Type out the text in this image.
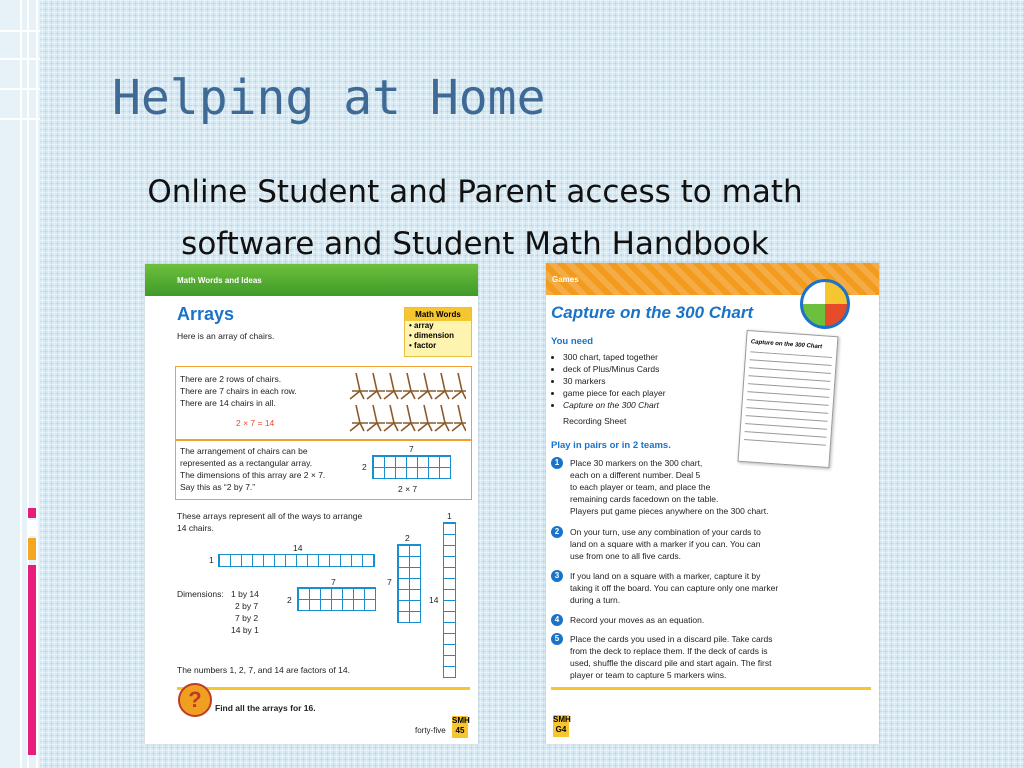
Helping at Home
Online Student and Parent access to math
software and Student Math Handbook
Math Words and Ideas
Arrays
Here is an array of chairs.
Math Words
• array
• dimension
• factor
There are 2 rows of chairs.
There are 7 chairs in each row.
There are 14 chairs in all.
2 × 7 = 14
The arrangement of chairs can be
represented as a rectangular array.
The dimensions of this array are 2 × 7.
Say this as “2 by 7.”
7
2
2 × 7
These arrays represent all of the ways to arrange
14 chairs.
14
1
7
2
2
7
1
14
Dimensions: 1 by 14
2 by 7
7 by 2
14 by 1
The numbers 1, 2, 7, and 14 are factors of 14.
?	Find all the arrays for 16.
forty-five
SMH
45
Games
Capture on the 300 Chart
You need
• 300 chart, taped together
• deck of Plus/Minus Cards
• 30 markers
• game piece for each player
• Capture on the 300 Chart
Recording Sheet
Capture on the 300 Chart
Play in pairs or in 2 teams.
1	Place 30 markers on the 300 chart,
each on a different number. Deal 5
to each player or team, and place the
remaining cards facedown on the table.
Players put game pieces anywhere on the 300 chart.
2	On your turn, use any combination of your cards to
land on a square with a marker if you can. You can
use from one to all five cards.
3	If you land on a square with a marker, capture it by
taking it off the board. You can capture only one marker
during a turn.
4	Record your moves as an equation.
5	Place the cards you used in a discard pile. Take cards
from the deck to replace them. If the deck of cards is
used, shuffle the discard pile and start again. The first
player or team to capture 5 markers wins.
SMH
G4
